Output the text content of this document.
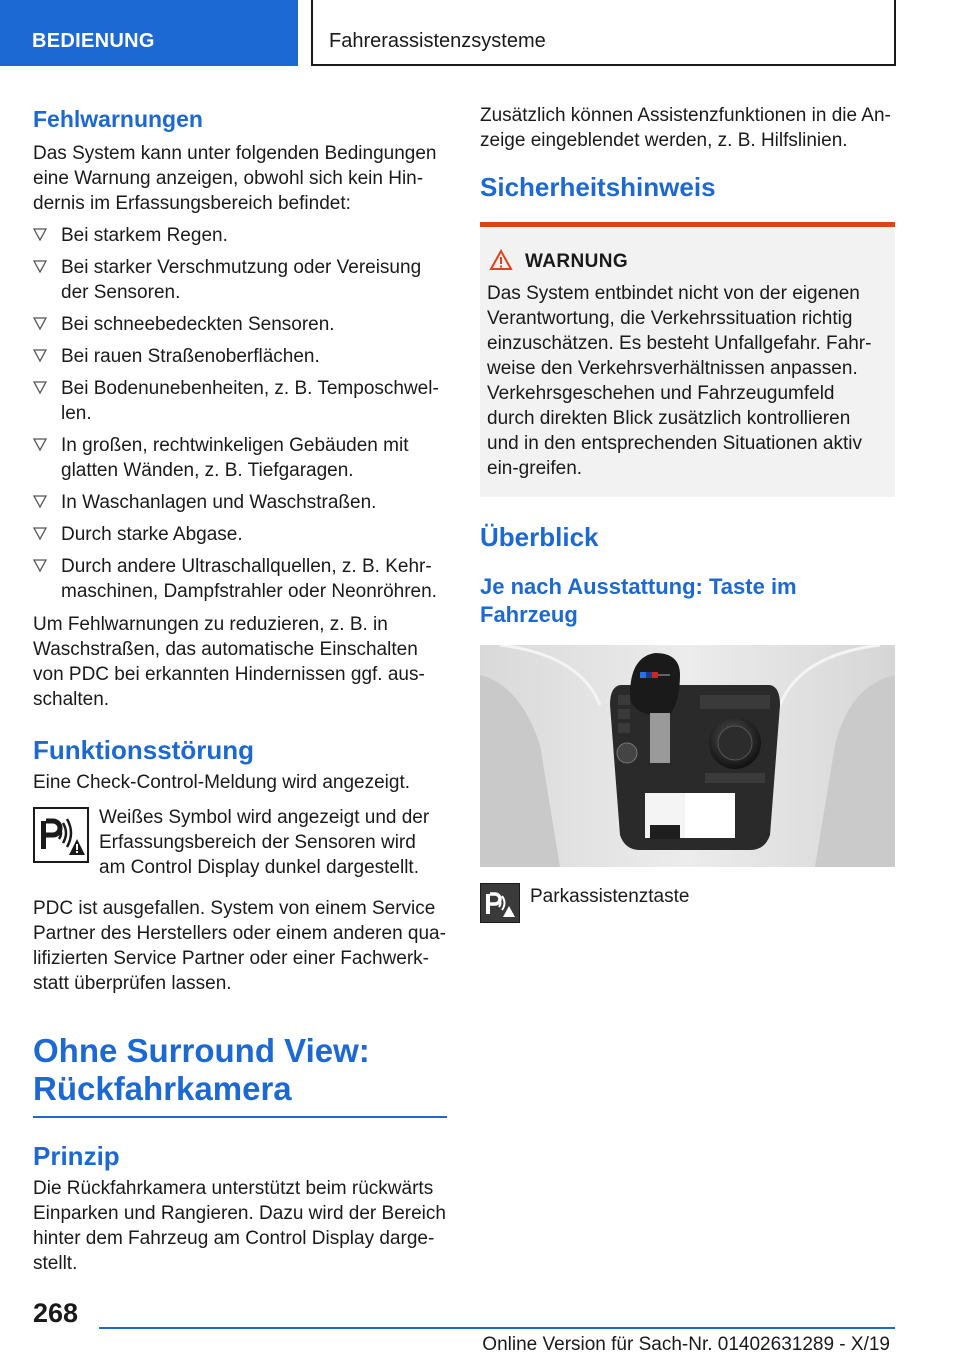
BEDIENUNG	Fahrerassistenzsysteme
Fehlwarnungen
Das System kann unter folgenden Bedingungen eine Warnung anzeigen, obwohl sich kein Hin-dernis im Erfassungsbereich befindet:
Bei starkem Regen.
Bei starker Verschmutzung oder Vereisung der Sensoren.
Bei schneebedeckten Sensoren.
Bei rauen Straßenoberflächen.
Bei Bodenunebenheiten, z. B. Temposchwel-len.
In großen, rechtwinkeligen Gebäuden mit glatten Wänden, z. B. Tiefgaragen.
In Waschanlagen und Waschstraßen.
Durch starke Abgase.
Durch andere Ultraschallquellen, z. B. Kehr-maschinen, Dampfstrahler oder Neonröhren.
Um Fehlwarnungen zu reduzieren, z. B. in Waschstraßen, das automatische Einschalten von PDC bei erkannten Hindernissen ggf. aus-schalten.
Funktionsstörung
Eine Check-Control-Meldung wird angezeigt.
Weißes Symbol wird angezeigt und der Erfassungsbereich der Sensoren wird am Control Display dunkel dargestellt.
PDC ist ausgefallen. System von einem Service Partner des Herstellers oder einem anderen qua-lifizierten Service Partner oder einer Fachwerk-statt überprüfen lassen.
Ohne Surround View:
Rückfahrkamera
Prinzip
Die Rückfahrkamera unterstützt beim rückwärts Einparken und Rangieren. Dazu wird der Bereich hinter dem Fahrzeug am Control Display darge-stellt.
Zusätzlich können Assistenzfunktionen in die An-zeige eingeblendet werden, z. B. Hilfslinien.
Sicherheitshinweis
WARNUNG
Das System entbindet nicht von der eigenen Verantwortung, die Verkehrssituation richtig einzuschätzen. Es besteht Unfallgefahr. Fahr-weise den Verkehrsverhältnissen anpassen. Verkehrsgeschehen und Fahrzeugumfeld durch direkten Blick zusätzlich kontrollieren und in den entsprechenden Situationen aktiv ein-greifen.
Überblick
Je nach Ausstattung: Taste im
Fahrzeug
Parkassistenztaste
268
Online Version für Sach-Nr. 01402631289 - X/19
